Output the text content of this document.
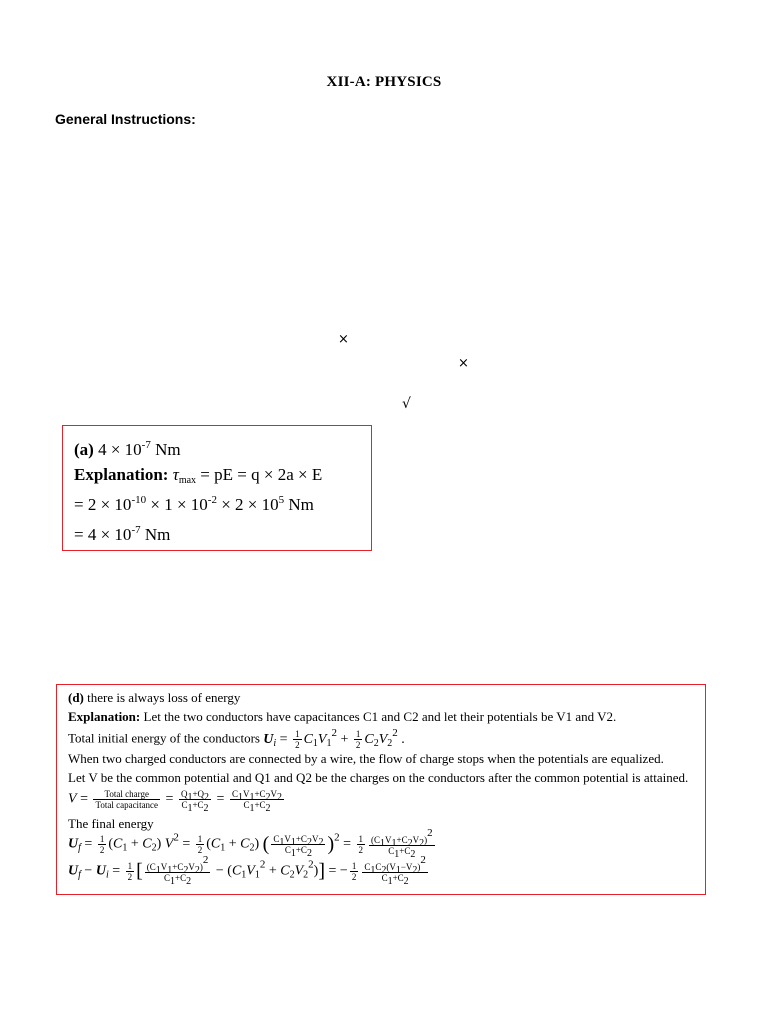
XII-A: PHYSICS
General Instructions:
×
×
√
(a) $4 \times 10^{-7}$ Nm
Explanation: $\tau_{max}$ = pE = q × 2a × E
= $2 \times 10^{-10} \times 1 \times 10^{-2} \times 2 \times 10^5$ Nm
= $4 \times 10^{-7}$ Nm
(d) there is always loss of energy
Explanation: Let the two conductors have capacitances C1 and C2 and let their potentials be V1 and V2.
Total initial energy of the conductors $U_i = \frac{1}{2} C_1V_1^2 + \frac{1}{2} C_2V_2^2$ .
When two charged conductors are connected by a wire, the flow of charge stops when the potentials are equalized.
Let V be the common potential and Q1 and Q2 be the charges on the conductors after the common potential is attained.
$V = \frac{\text{Total charge}}{\text{Total capacitance}} = \frac{Q_1+Q_2}{C_1+C_2} = \frac{C_1V_1+C_2V_2}{C_1+C_2}$
The final energy
$U_f = \frac{1}{2} (C_1 + C_2) V^2 = \frac{1}{2} (C_1 + C_2)$ ( $\frac{C_1V_1+C_2V_2}{C_1+C_2} )^2 = \frac{1}{2} \frac{(C_1V_1+C_2V_2)^2}{C_1+C_2}$
$U_f - U_i = \frac{1}{2}$ [ $\frac{(C_1V_1+C_2V_2)^2}{C_1+C_2} - (C_1V_1^2 + C_2V_2^2)$] = − $\frac{1}{2} \frac{C_1C_2(V_1-V_2)^2}{C_1+C_2}$
